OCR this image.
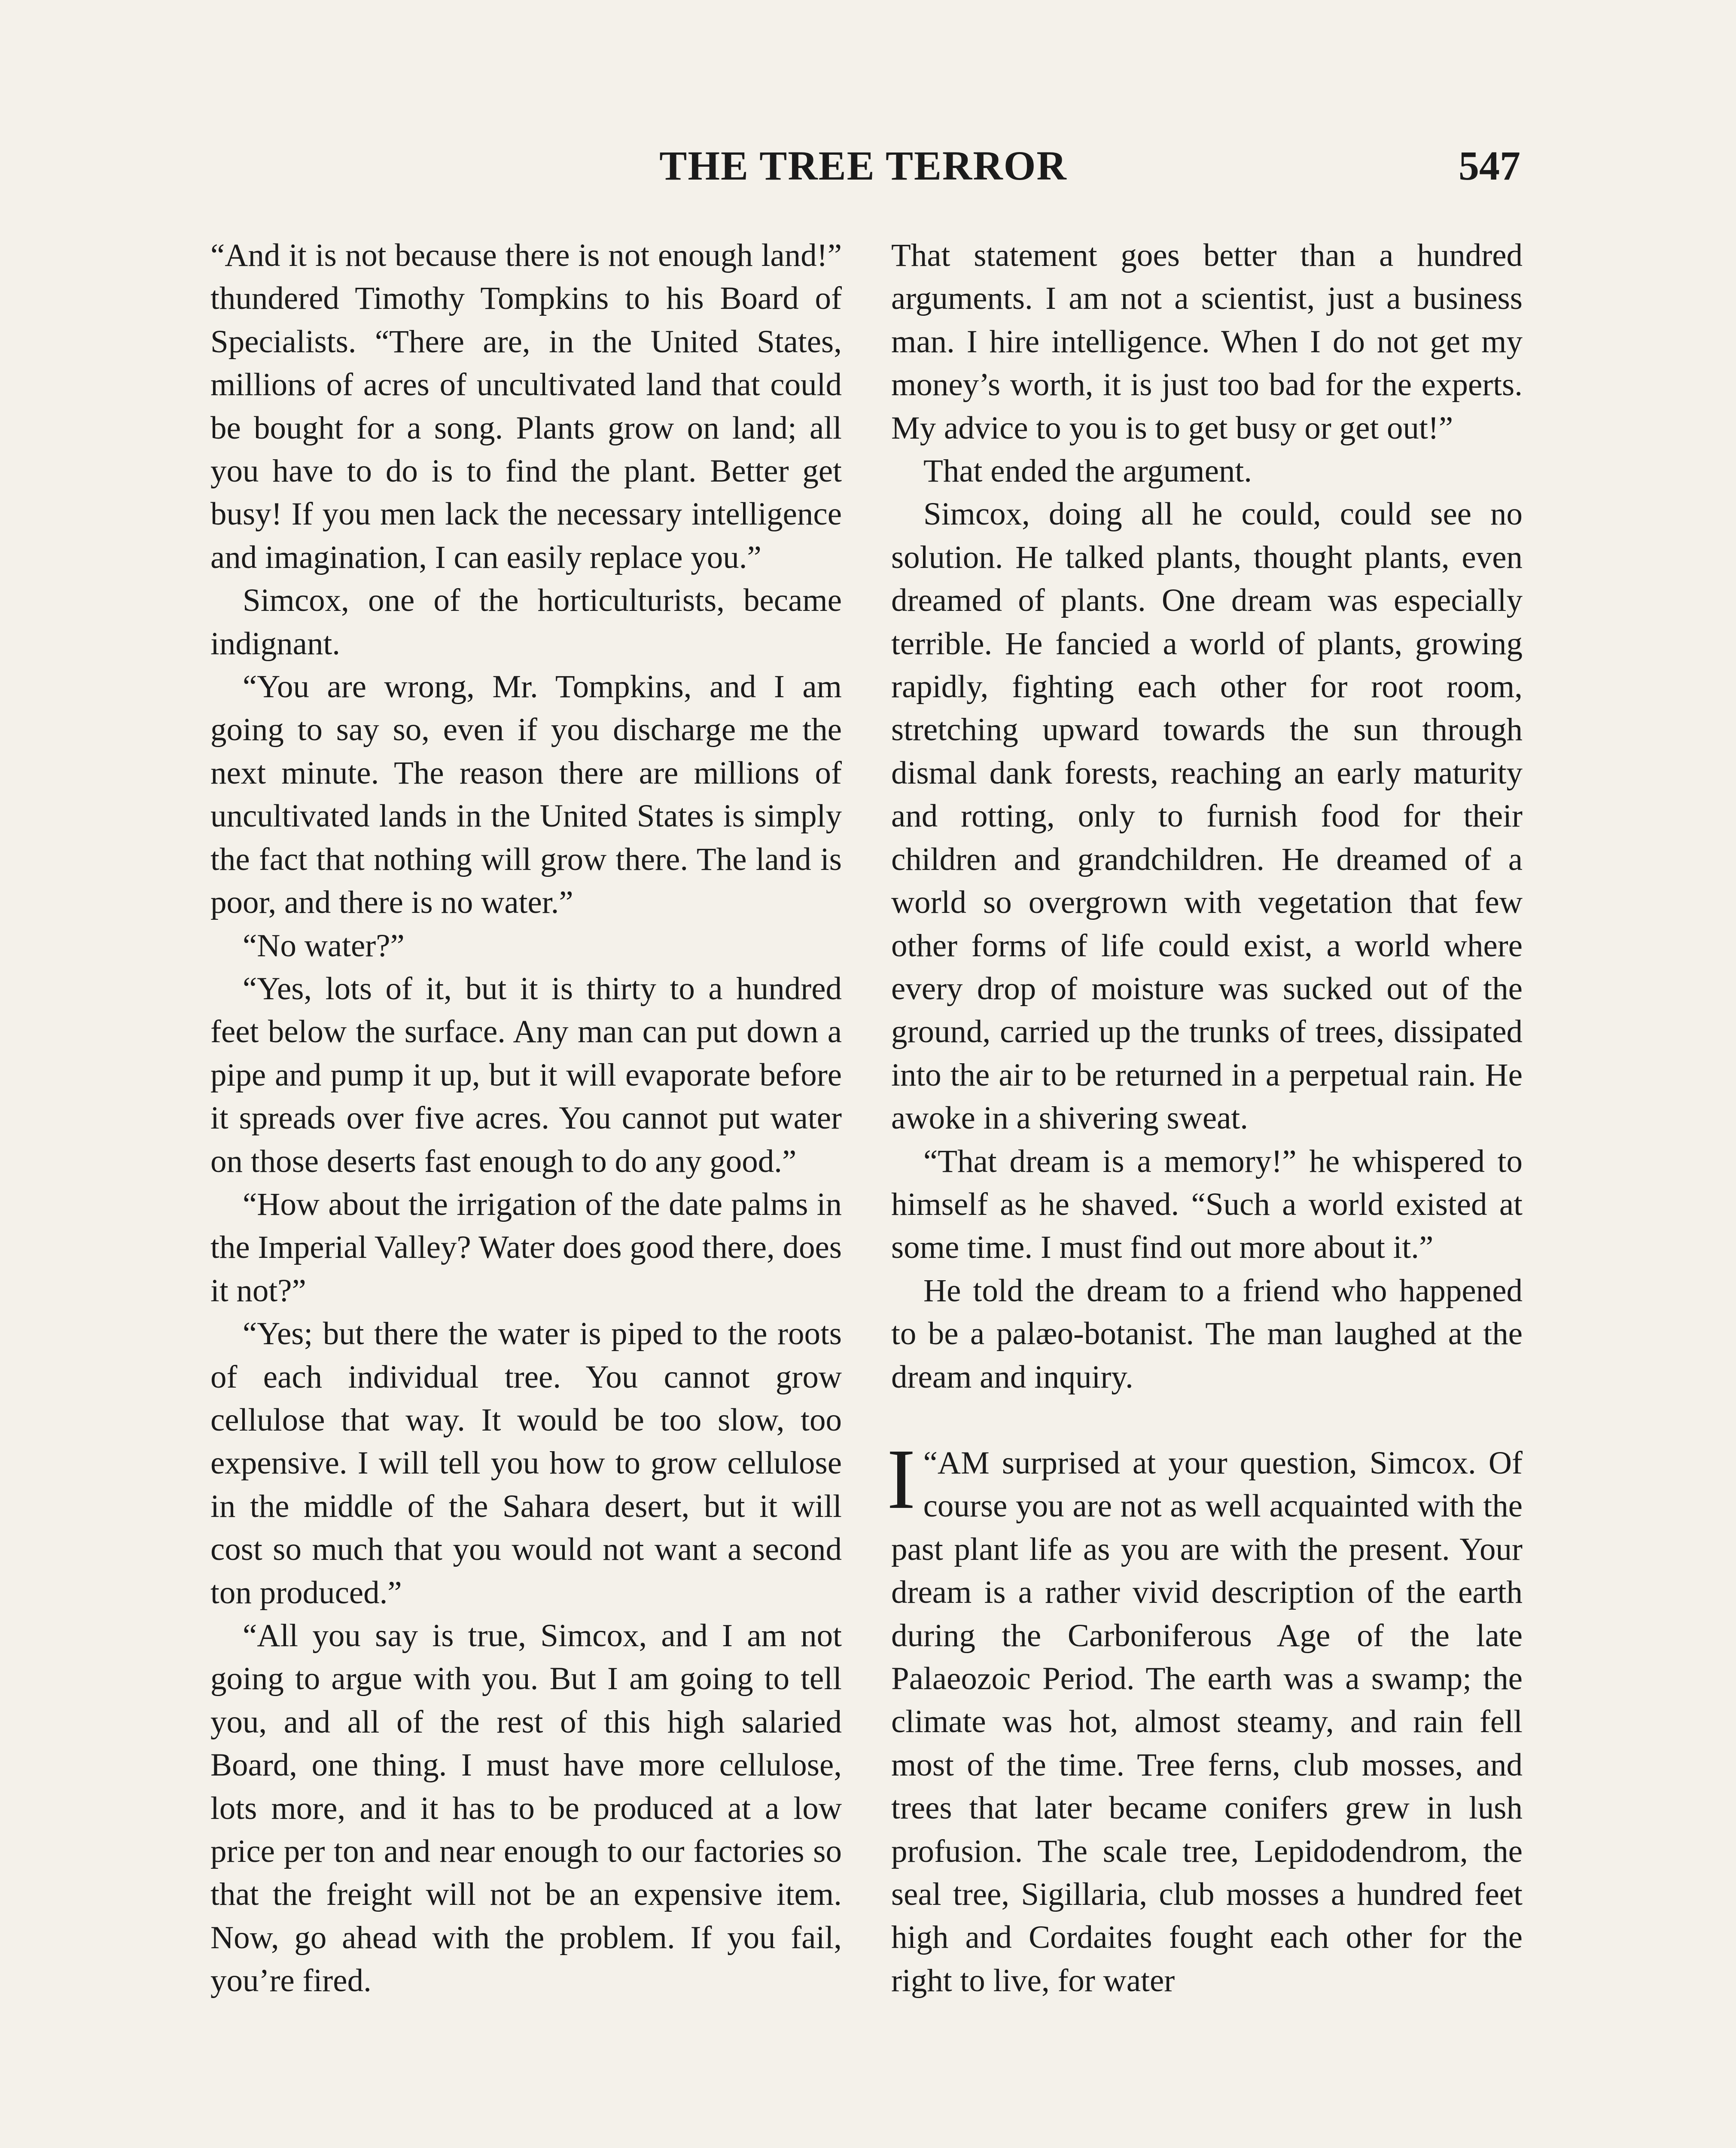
THE TREE TERROR	547

“And it is not because there is not enough land!” thundered Timothy Tompkins to his Board of Specialists. “There are, in the United States, millions of acres of uncultivated land that could be bought for a song. Plants grow on land; all you have to do is to find the plant. Better get busy! If you men lack the necessary intelligence and imagination, I can easily replace you.”

Simcox, one of the horticulturists, became indignant.

“You are wrong, Mr. Tompkins, and I am going to say so, even if you discharge me the next minute. The reason there are millions of uncultivated lands in the United States is simply the fact that nothing will grow there. The land is poor, and there is no water.”

“No water?”

“Yes, lots of it, but it is thirty to a hundred feet below the surface. Any man can put down a pipe and pump it up, but it will evaporate before it spreads over five acres. You cannot put water on those deserts fast enough to do any good.”

“How about the irrigation of the date palms in the Imperial Valley? Water does good there, does it not?”

“Yes; but there the water is piped to the roots of each individual tree. You cannot grow cellulose that way. It would be too slow, too expensive. I will tell you how to grow cellulose in the middle of the Sahara desert, but it will cost so much that you would not want a second ton produced.”

“All you say is true, Simcox, and I am not going to argue with you. But I am going to tell you, and all of the rest of this high salaried Board, one thing. I must have more cellulose, lots more, and it has to be produced at a low price per ton and near enough to our factories so that the freight will not be an expensive item. Now, go ahead with the problem. If you fail, you’re fired.

That statement goes better than a hundred arguments. I am not a scientist, just a business man. I hire intelligence. When I do not get my money’s worth, it is just too bad for the experts. My advice to you is to get busy or get out!”

That ended the argument.

Simcox, doing all he could, could see no solution. He talked plants, thought plants, even dreamed of plants. One dream was especially terrible. He fancied a world of plants, growing rapidly, fighting each other for root room, stretching upward towards the sun through dismal dank forests, reaching an early maturity and rotting, only to furnish food for their children and grandchildren. He dreamed of a world so overgrown with vegetation that few other forms of life could exist, a world where every drop of moisture was sucked out of the ground, carried up the trunks of trees, dissipated into the air to be returned in a perpetual rain. He awoke in a shivering sweat.

“That dream is a memory!” he whispered to himself as he shaved. “Such a world existed at some time. I must find out more about it.”

He told the dream to a friend who happened to be a palæo-botanist. The man laughed at the dream and inquiry.

“
I AM surprised at your question, Simcox. Of course you are not as well acquainted with the past plant life as you are with the present. Your dream is a rather vivid description of the earth during the Carboniferous Age of the late Palaeozoic Period. The earth was a swamp; the climate was hot, almost steamy, and rain fell most of the time. Tree ferns, club mosses, and trees that later became conifers grew in lush profusion. The scale tree, Lepidodendrom, the seal tree, Sigillaria, club mosses a hundred feet high and Cordaites fought each other for the right to live, for water
